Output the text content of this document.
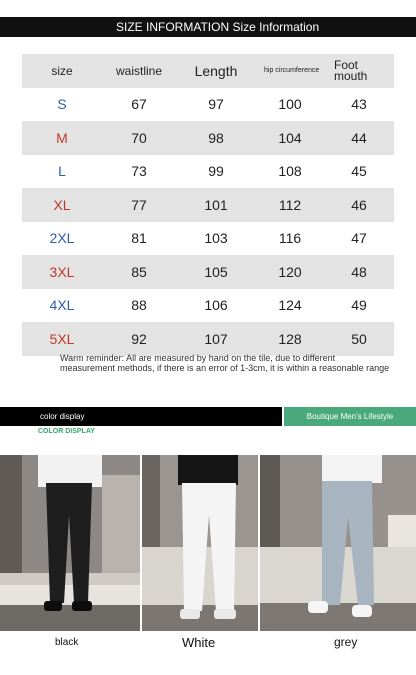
SIZE INFORMATION Size Information
size	waistline	Length	hip circumference	Foot mouth
S	67	97	100	43
M	70	98	104	44
L	73	99	108	45
XL	77	101	112	46
2XL	81	103	116	47
3XL	85	105	120	48
4XL	88	106	124	49
5XL	92	107	128	50
Warm reminder: All are measured by hand on the tile, due to different measurement methods, if there is an error of 1-3cm, it is within a reasonable range
color display	Boutique Men's Lifestyle
COLOR DISPLAY
black	White	grey
